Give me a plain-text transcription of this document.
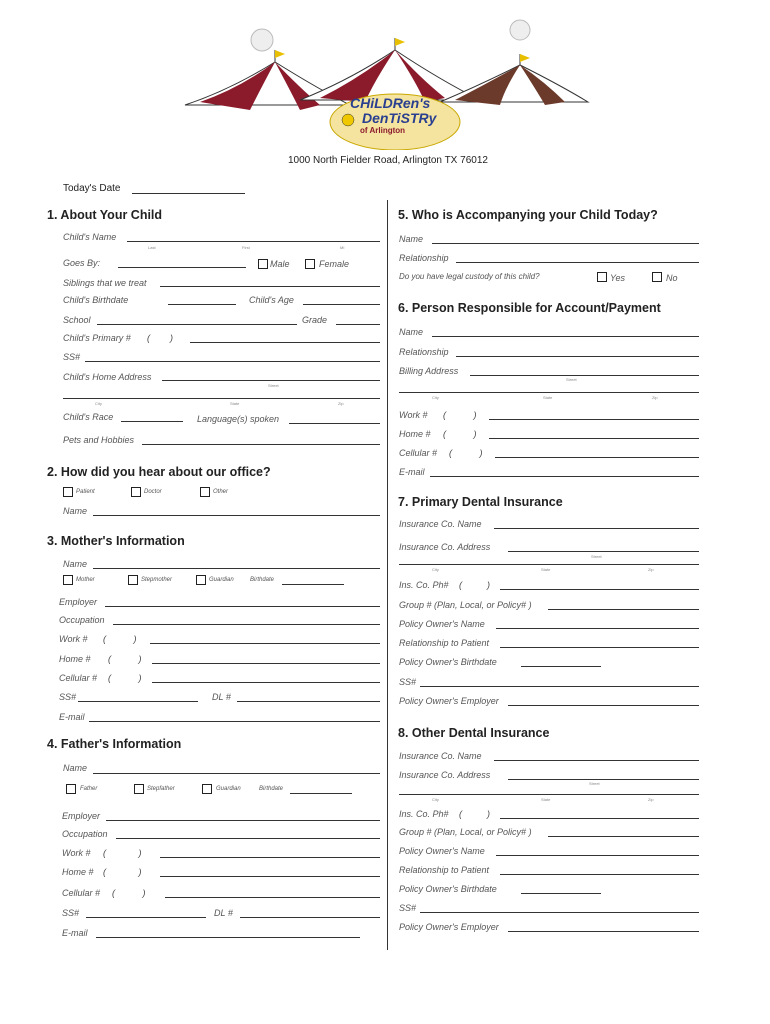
CHiLDRen's
DenTiSTRy
of Arlington
1000 North Fielder Road, Arlington TX 76012
Today's Date
1. About Your Child
Child's Name
Last	First	MI
Goes By:	Male	Female
Siblings that we treat
Child's Birthdate	Child's Age
School	Grade
Child's Primary # (        )
SS#
Child's Home Address
Street
City	State	Zip
Child's Race	Language(s) spoken
Pets and Hobbies
2. How did you hear about our office?
Patient	Doctor	Other
Name
3. Mother's Information
Name
Mother	Stepmother	Guardian	Birthdate
Employer
Occupation
Work # (           )
Home # (           )
Cellular # (           )
SS#	DL #
E-mail
4. Father's Information
Name
Father	Stepfather	Guardian	Birthdate
Employer
Occupation
Work # (             )
Home # (             )
Cellular # (           )
SS#	DL #
E-mail
5. Who is Accompanying your Child Today?
Name
Relationship
Do you have legal custody of this child?	Yes	No
6. Person Responsible for Account/Payment
Name
Relationship
Billing Address
Street
City	State	Zip
Work # (           )
Home # (           )
Cellular # (           )
E-mail
7. Primary Dental Insurance
Insurance Co. Name
Insurance Co. Address
Street
City	State	Zip
Ins. Co. Ph# (          )
Group # (Plan, Local, or Policy# )
Policy Owner's Name
Relationship to Patient
Policy Owner's Birthdate
SS#
Policy Owner's Employer
8. Other Dental Insurance
Insurance Co. Name
Insurance Co. Address
Street
City	State	Zip
Ins. Co. Ph# (          )
Group # (Plan, Local, or Policy# )
Policy Owner's Name
Relationship to Patient
Policy Owner's Birthdate
SS#
Policy Owner's Employer
